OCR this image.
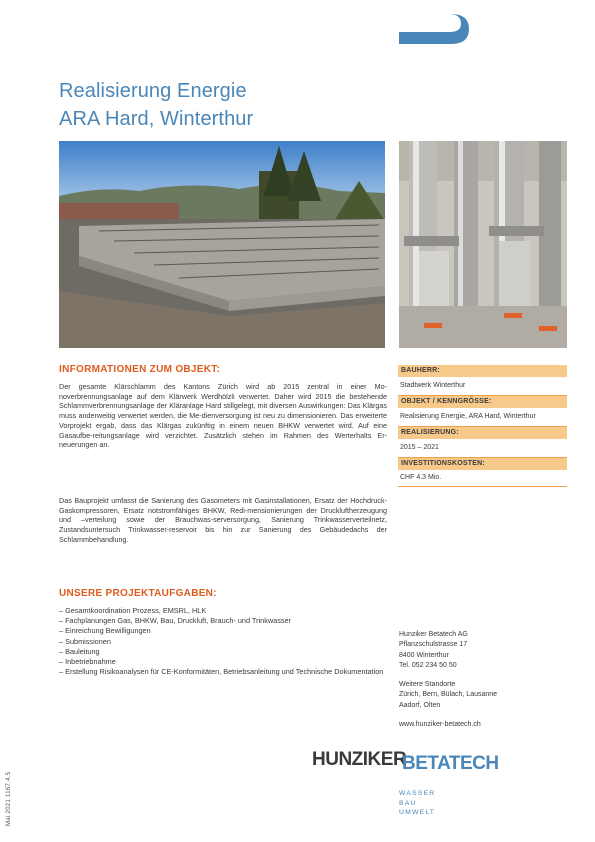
Realisierung Energie
ARA Hard, Winterthur
INFORMATIONEN ZUM OBJEKT:
Der gesamte Klärschlamm des Kantons Zürich wird ab 2015 zentral in einer Mo-noverbrennungsanlage auf dem Klärwerk Werdhölzli verwertet. Daher wird 2015 die bestehende Schlammverbrennungsanlage der Kläranlage Hard stillgelegt, mit diversen Auswirkungen: Das Klärgas muss anderweitig verwertet werden, die Me-dienversorgung ist neu zu dimensionieren. Das erweiterte Vorprojekt ergab, dass das Klärgas zukünftig in einem neuen BHKW verwertet wird. Auf eine Gasaufbe-reitungsanlage wird verzichtet. Zusätzlich stehen im Rahmen des Werterhalts Er-neuerungen an.
Das Bauprojekt umfasst die Sanierung des Gasometers mit Gasinstallationen, Ersatz der Hochdruck-Gaskompressoren, Ersatz notstromfähiges BHKW, Redi-mensionierungen der Druckluftherzeugung und –verteilung sowie der Brauchwas-serversorgung, Sanierung Trinkwasserverteilnetz, Zustandsuntersuch Trinkwasser-reservoir bis hin zur Sanierung des Gebäudedachs der Schlammbehandlung.
BAUHERR:
Stadtwerk Winterthur
OBJEKT / KENNGRÖSSE:
Realisierung Energie, ARA Hard, Winterthur
REALISIERUNG:
2015 – 2021
INVESTITIONSKOSTEN:
CHF 4.3 Mio.
UNSERE PROJEKTAUFGABEN:
– Gesamtkoordination Prozess, EMSRL, HLK
– Fachplanungen Gas, BHKW, Bau, Druckluft, Brauch- und Trinkwasser
– Einreichung Bewilligungen
– Submissionen
– Bauleitung
– Inbetriebnahme
– Erstellung Risikoanalysen für CE-Konformitäten, Betriebsanleitung und Technische Dokumentation
Hunziker Betatech AG
Pflanzschulstrasse 17
8400 Winterthur
Tel. 052 234 50 50
Weitere Standorte
Zürich, Bern, Bülach, Lausanne
Aadorf, Olten
www.hunziker-betatech.ch
HUNZIKER
BETATECH
WASSER
BAU
UMWELT
Mai 2021 1167.4.5
